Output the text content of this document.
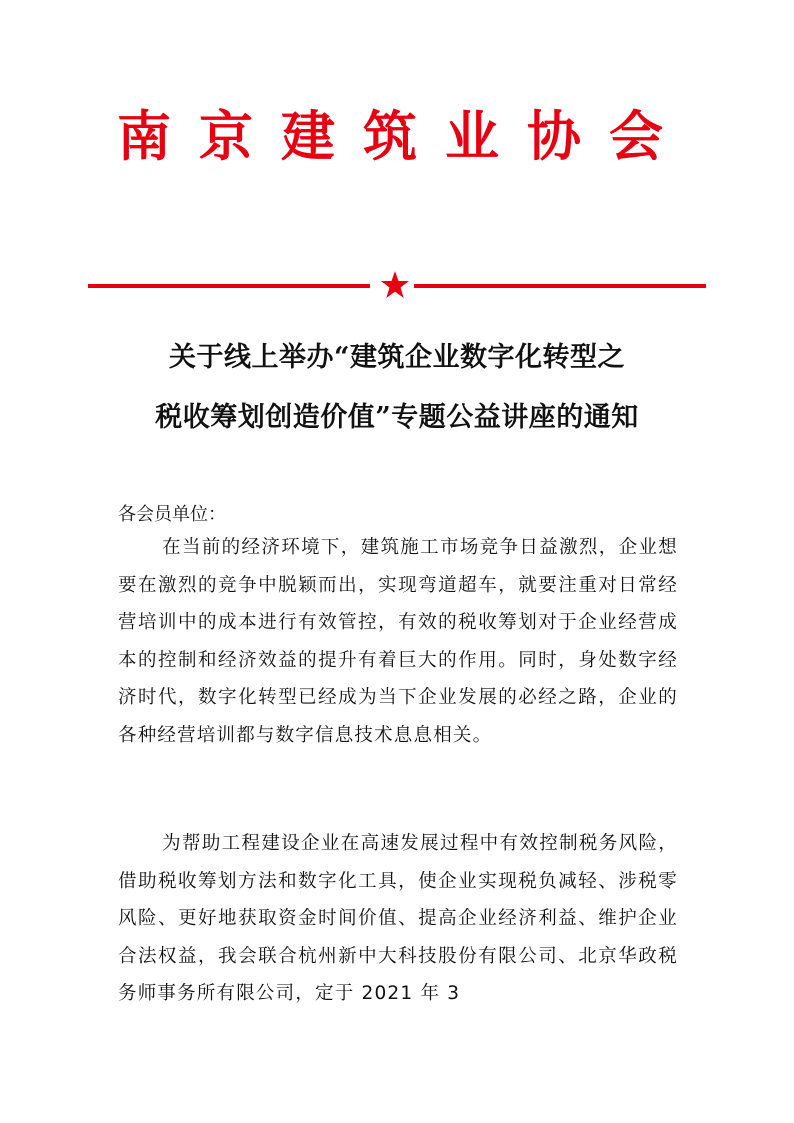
南京建筑业协会
关于线上举办“建筑企业数字化转型之
税收筹划创造价值”专题公益讲座的通知
各会员单位：
在当前的经济环境下，建筑施工市场竞争日益激烈，企业想要在激烈的竞争中脱颖而出，实现弯道超车，就要注重对日常经营培训中的成本进行有效管控，有效的税收筹划对于企业经营成本的控制和经济效益的提升有着巨大的作用。同时，身处数字经济时代，数字化转型已经成为当下企业发展的必经之路，企业的各种经营培训都与数字信息技术息息相关。
为帮助工程建设企业在高速发展过程中有效控制税务风险，借助税收筹划方法和数字化工具，使企业实现税负减轻、涉税零风险、更好地获取资金时间价值、提高企业经济利益、维护企业合法权益，我会联合杭州新中大科技股份有限公司、北京华政税务师事务所有限公司，定于 2021 年 3
